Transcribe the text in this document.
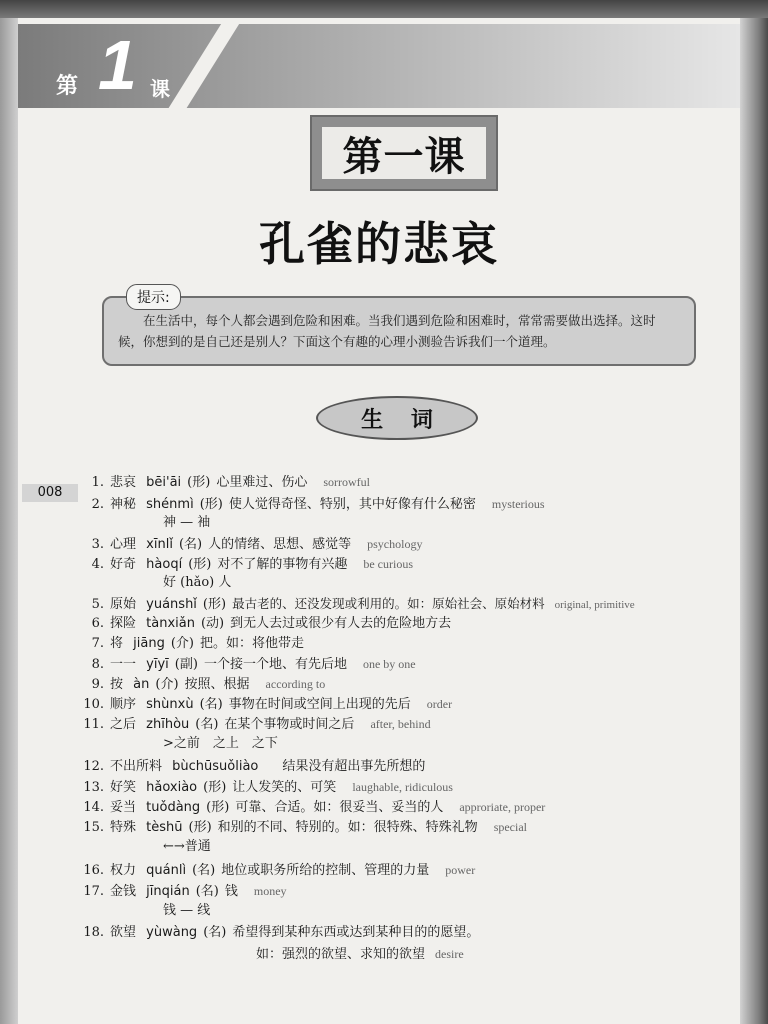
第 1 课
第一课
孔雀的悲哀
提示:
在生活中，每个人都会遇到危险和困难。当我们遇到危险和困难时，常常需要做出选择。这时候，你想到的是自己还是别人？下面这个有趣的心理小测验告诉我们一个道理。
生 词
008
1. 悲哀 bēi'āi (形) 心里难过、伤心 sorrowful
2. 神秘 shénmì (形) 使人觉得奇怪、特别，其中好像有什么秘密 mysterious
神 — 袖
3. 心理 xīnlǐ (名) 人的情绪、思想、感觉等 psychology
4. 好奇 hàoqí (形) 对不了解的事物有兴趣 be curious
好 (hǎo) 人
5. 原始 yuánshǐ (形) 最古老的、还没发现或利用的。如：原始社会、原始材料 original, primitive
6. 探险 tànxiǎn (动) 到无人去过或很少有人去的危险地方去
7. 将 jiāng (介) 把。如：将他带走
8. 一一 yīyī (副) 一个接一个地、有先后地 one by one
9. 按 àn (介) 按照、根据 according to
10. 顺序 shùnxù (名) 事物在时间或空间上出现的先后 order
11. 之后 zhīhòu (名) 在某个事物或时间之后 after, behind
>之前　之上　之下
12. 不出所料 bùchūsuǒliào 结果没有超出事先所想的
13. 好笑 hǎoxiào (形) 让人发笑的、可笑 laughable, ridiculous
14. 妥当 tuǒdàng (形) 可靠、合适。如：很妥当、妥当的人 approriate, proper
15. 特殊 tèshū (形) 和别的不同、特别的。如：很特殊、特殊礼物 special
←→普通
16. 权力 quánlì (名) 地位或职务所给的控制、管理的力量 power
17. 金钱 jīnqián (名) 钱 money
钱 — 线
18. 欲望 yùwàng (名) 希望得到某种东西或达到某种目的的愿望。
如：强烈的欲望、求知的欲望 desire
